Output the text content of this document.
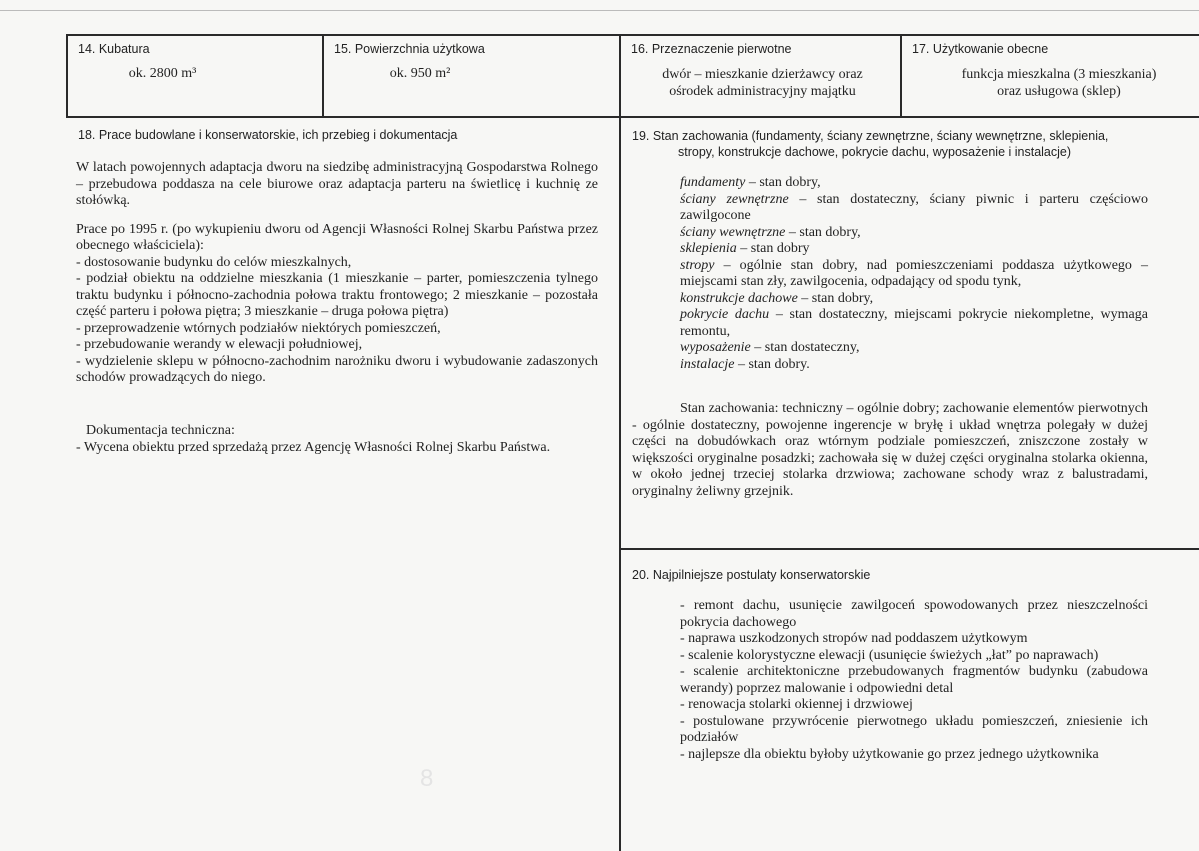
14. Kubatura
ok. 2800 m³
15. Powierzchnia użytkowa
ok. 950 m²
16. Przeznaczenie pierwotne
dwór – mieszkanie dzierżawcy oraz
ośrodek administracyjny majątku
17. Użytkowanie obecne
funkcja mieszkalna (3 mieszkania)
oraz usługowa (sklep)
18. Prace budowlane i konserwatorskie, ich przebieg i dokumentacja

W latach powojennych adaptacja dworu na siedzibę administracyjną Gospodarstwa Rolnego – przebudowa poddasza na cele biurowe oraz adaptacja parteru na świetlicę i kuchnię ze stołówką.

Prace po 1995 r. (po wykupieniu dworu od Agencji Własności Rolnej Skarbu Państwa przez obecnego właściciela):

- dostosowanie budynku do celów mieszkalnych,
- podział obiektu na oddzielne mieszkania (1 mieszkanie – parter, pomieszczenia tylnego traktu budynku i północno-zachodnia połowa traktu frontowego; 2 mieszkanie – pozostała część parteru i połowa piętra; 3 mieszkanie – druga połowa piętra)
- przeprowadzenie wtórnych podziałów niektórych pomieszczeń,
- przebudowanie werandy w elewacji południowej,
- wydzielenie sklepu w północno-zachodnim narożniku dworu i wybudowanie zadaszonych schodów prowadzących do niego.
Dokumentacja techniczna:
- Wycena obiektu przed sprzedażą przez Agencję Własności Rolnej Skarbu Państwa.
19. Stan zachowania (fundamenty, ściany zewnętrzne, ściany wewnętrzne, sklepienia,
stropy, konstrukcje dachowe, pokrycie dachu, wyposażenie i instalacje)
fundamenty – stan dobry,
ściany zewnętrzne – stan dostateczny, ściany piwnic i parteru częściowo zawilgocone
ściany wewnętrzne – stan dobry,
sklepienia – stan dobry
stropy – ogólnie stan dobry, nad pomieszczeniami poddasza użytkowego – miejscami stan zły, zawilgocenia, odpadający od spodu tynk,
konstrukcje dachowe – stan dobry,
pokrycie dachu – stan dostateczny, miejscami pokrycie niekompletne, wymaga remontu,
wyposażenie – stan dostateczny,
instalacje – stan dobry.

Stan zachowania: techniczny – ogólnie dobry; zachowanie elementów pierwotnych - ogólnie dostateczny, powojenne ingerencje w bryłę i układ wnętrza polegały w dużej części na dobudówkach oraz wtórnym podziale pomieszczeń, zniszczone zostały w większości oryginalne posadzki; zachowała się w dużej części oryginalna stolarka okienna, w około jednej trzeciej stolarka drzwiowa; zachowane schody wraz z balustradami, oryginalny żeliwny grzejnik.

20. Najpilniejsze postulaty konserwatorskie
- remont dachu, usunięcie zawilgoceń spowodowanych przez nieszczelności pokrycia dachowego
- naprawa uszkodzonych stropów nad poddaszem użytkowym
- scalenie kolorystyczne elewacji (usunięcie świeżych „łat” po naprawach)
- scalenie architektoniczne przebudowanych fragmentów budynku (zabudowa werandy) poprzez malowanie i odpowiedni detal
- renowacja stolarki okiennej i drzwiowej
- postulowane przywrócenie pierwotnego układu pomieszczeń, zniesienie ich podziałów
- najlepsze dla obiektu byłoby użytkowanie go przez jednego użytkownika
8
